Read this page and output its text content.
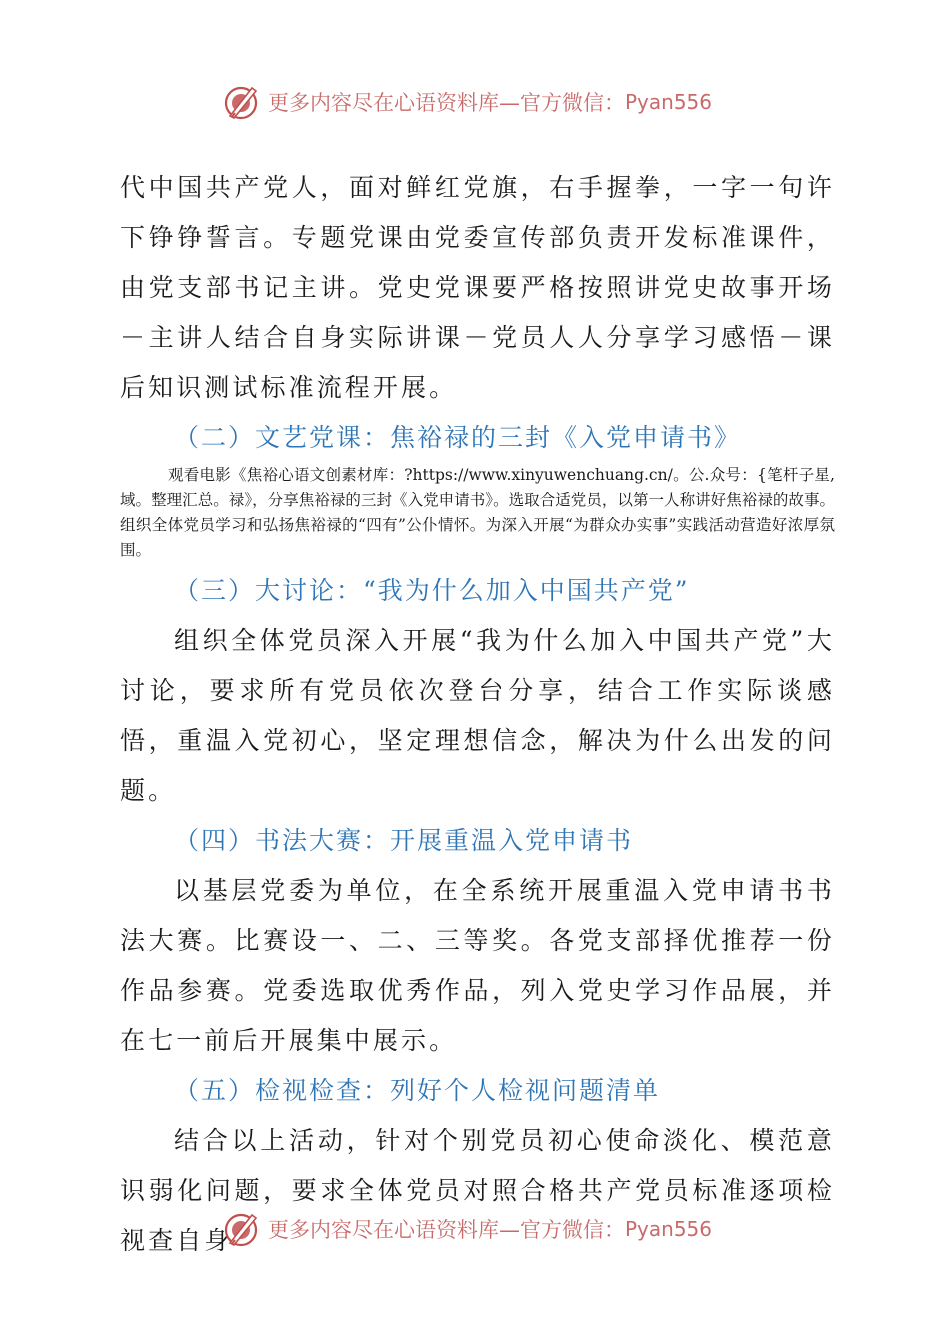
更多内容尽在心语资料库—官方微信： Pyan556

代中国共产党人，面对鲜红党旗，右手握拳，一字一句许下铮铮誓言。专题党课由党委宣传部负责开发标准课件，由党支部书记主讲。党史党课要严格按照讲党史故事开场－主讲人结合自身实际讲课－党员人人分享学习感悟－课后知识测试标准流程开展。

（二）文艺党课：焦裕禄的三封《入党申请书》

观看电影《焦裕心语文创素材库：?https://www.xinyuwenchuang.cn/。公.众号：{笔杆子星,域。整理汇总。禄》，分享焦裕禄的三封《入党申请书》。选取合适党员，以第一人称讲好焦裕禄的故事。组织全体党员学习和弘扬焦裕禄的“四有”公仆情怀。为深入开展“为群众办实事”实践活动营造好浓厚氛围。

（三）大讨论：“我为什么加入中国共产党”

组织全体党员深入开展“我为什么加入中国共产党”大讨论，要求所有党员依次登台分享，结合工作实际谈感悟，重温入党初心，坚定理想信念，解决为什么出发的问题。

（四）书法大赛：开展重温入党申请书

以基层党委为单位，在全系统开展重温入党申请书书法大赛。比赛设一、二、三等奖。各党支部择优推荐一份作品参赛。党委选取优秀作品，列入党史学习作品展，并在七一前后开展集中展示。

（五）检视检查：列好个人检视问题清单

结合以上活动，针对个别党员初心使命淡化、模范意识弱化问题，要求全体党员对照合格共产党员标准逐项检视查自身	更多内容尽在心语资料库—官方微信： Pyan556
